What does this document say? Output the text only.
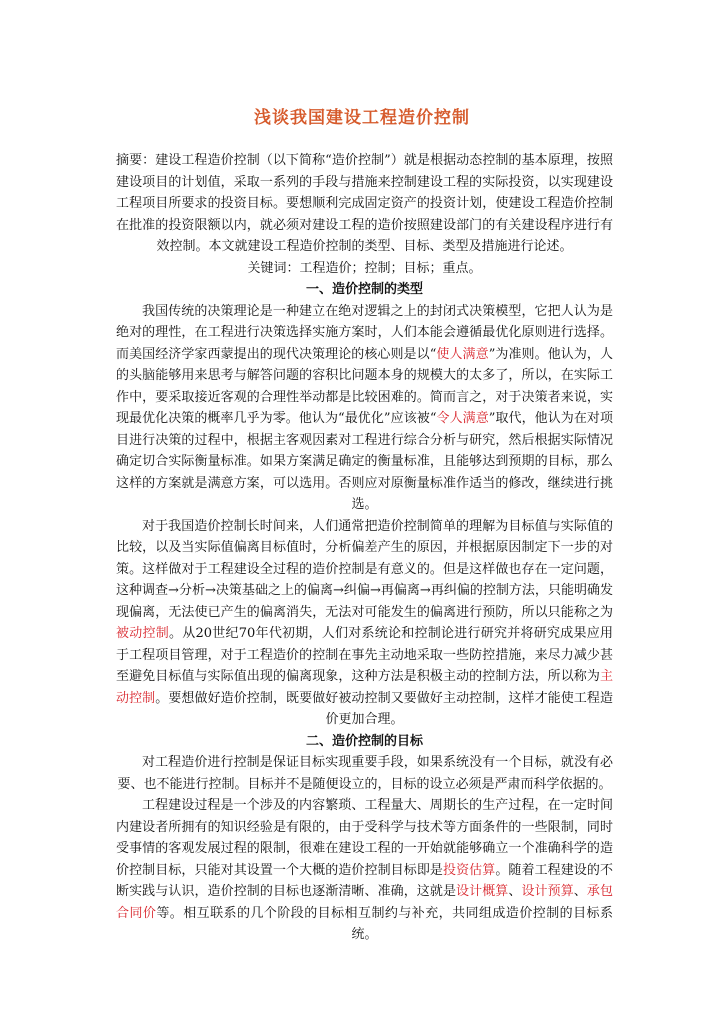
浅谈我国建设工程造价控制

摘要：建设工程造价控制（以下简称“造价控制”）就是根据动态控制的基本原理，按照建设项目的计划值，采取一系列的手段与措施来控制建设工程的实际投资，以实现建设工程项目所要求的投资目标。要想顺利完成固定资产的投资计划，使建设工程造价控制在批准的投资限额以内，就必须对建设工程的造价按照建设部门的有关建设程序进行有效控制。本文就建设工程造价控制的类型、目标、类型及措施进行论述。

关键词：工程造价；控制；目标；重点。
一、造价控制的类型

我国传统的决策理论是一种建立在绝对逻辑之上的封闭式决策模型，它把人认为是绝对的理性，在工程进行决策选择实施方案时，人们本能会遵循最优化原则进行选择。而美国经济学家西蒙提出的现代决策理论的核心则是以“使人满意”为准则。他认为，人的头脑能够用来思考与解答问题的容积比问题本身的规模大的太多了，所以，在实际工作中，要采取接近客观的合理性举动都是比较困难的。简而言之，对于决策者来说，实现最优化决策的概率几乎为零。他认为“最优化”应该被“令人满意”取代，他认为在对项目进行决策的过程中，根据主客观因素对工程进行综合分析与研究，然后根据实际情况确定切合实际衡量标准。如果方案满足确定的衡量标准，且能够达到预期的目标，那么这样的方案就是满意方案，可以选用。否则应对原衡量标准作适当的修改，继续进行挑选。

对于我国造价控制长时间来，人们通常把造价控制简单的理解为目标值与实际值的比较，以及当实际值偏离目标值时，分析偏差产生的原因，并根据原因制定下一步的对策。这样做对于工程建设全过程的造价控制是有意义的。但是这样做也存在一定问题，这种调查→分析→决策基础之上的偏离→纠偏→再偏离→再纠偏的控制方法，只能明确发现偏离，无法使已产生的偏离消失，无法对可能发生的偏离进行预防，所以只能称之为被动控制。从20世纪70年代初期，人们对系统论和控制论进行研究并将研究成果应用于工程项目管理，对于工程造价的控制在事先主动地采取一些防控措施，来尽力减少甚至避免目标值与实际值出现的偏离现象，这种方法是积极主动的控制方法，所以称为主动控制。要想做好造价控制，既要做好被动控制又要做好主动控制，这样才能使工程造价更加合理。

二、造价控制的目标

对工程造价进行控制是保证目标实现重要手段，如果系统没有一个目标，就没有必要、也不能进行控制。目标并不是随便设立的，目标的设立必须是严肃而科学依据的。

工程建设过程是一个涉及的内容繁琐、工程量大、周期长的生产过程，在一定时间内建设者所拥有的知识经验是有限的，由于受科学与技术等方面条件的一些限制，同时受事情的客观发展过程的限制，很难在建设工程的一开始就能够确立一个准确科学的造价控制目标，只能对其设置一个大概的造价控制目标即是投资估算。随着工程建设的不断实践与认识，造价控制的目标也逐渐清晰、准确，这就是设计概算、设计预算、承包合同价等。相互联系的几个阶段的目标相互制约与补充，共同组成造价控制的目标系统。
